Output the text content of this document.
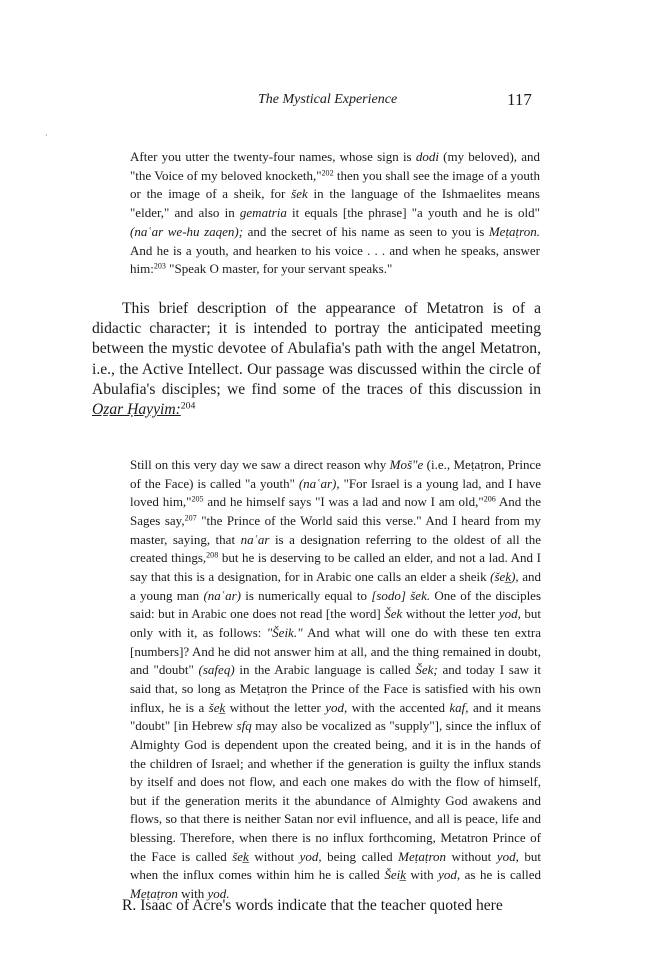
The Mystical Experience	117
·
After you utter the twenty-four names, whose sign is dodi (my beloved), and "the Voice of my beloved knocketh,"$^{202}$ then you shall see the image of a youth or the image of a sheik, for šek in the language of the Ishmaelites means "elder," and also in gematria it equals [the phrase] "a youth and he is old" (naʿar we-hu zaqen); and the secret of his name as seen to you is Meṭaṭron. And he is a youth, and hearken to his voice . . . and when he speaks, answer him:$^{203}$ "Speak O master, for your servant speaks."
This brief description of the appearance of Metatron is of a didactic character; it is intended to portray the anticipated meeting between the mystic devotee of Abulafia's path with the angel Metatron, i.e., the Active Intellect. Our passage was discussed within the circle of Abulafia's disciples; we find some of the traces of this discussion in Oẕar Ḥayyim:$^{204}$
Still on this very day we saw a direct reason why Moš"e (i.e., Meṭaṭron, Prince of the Face) is called "a youth" (naʿar), "For Israel is a young lad, and I have loved him,"$^{205}$ and he himself says "I was a lad and now I am old,"$^{206}$ And the Sages say,$^{207}$ "the Prince of the World said this verse." And I heard from my master, saying, that naʿar is a designation referring to the oldest of all the created things,$^{208}$ but he is deserving to be called an elder, and not a lad. And I say that this is a designation, for in Arabic one calls an elder a sheik (šek̲), and a young man (naʿar) is numerically equal to [sodo] šek. One of the disciples said: but in Arabic one does not read [the word] Šek without the letter yod, but only with it, as follows: "Šeik." And what will one do with these ten extra [numbers]? And he did not answer him at all, and the thing remained in doubt, and "doubt" (safeq) in the Arabic language is called Šek; and today I saw it said that, so long as Meṭaṭron the Prince of the Face is satisfied with his own influx, he is a šek̲ without the letter yod, with the accented kaf, and it means "doubt" [in Hebrew sfq may also be vocalized as "supply"], since the influx of Almighty God is dependent upon the created being, and it is in the hands of the children of Israel; and whether if the generation is guilty the influx stands by itself and does not flow, and each one makes do with the flow of himself, but if the generation merits it the abundance of Almighty God awakens and flows, so that there is neither Satan nor evil influence, and all is peace, life and blessing. Therefore, when there is no influx forthcoming, Metatron Prince of the Face is called šek̲ without yod, being called Meṭaṭron without yod, but when the influx comes within him he is called Šeik̲ with yod, as he is called Meṭaṭron with yod.
R. Isaac of Acre's words indicate that the teacher quoted here
